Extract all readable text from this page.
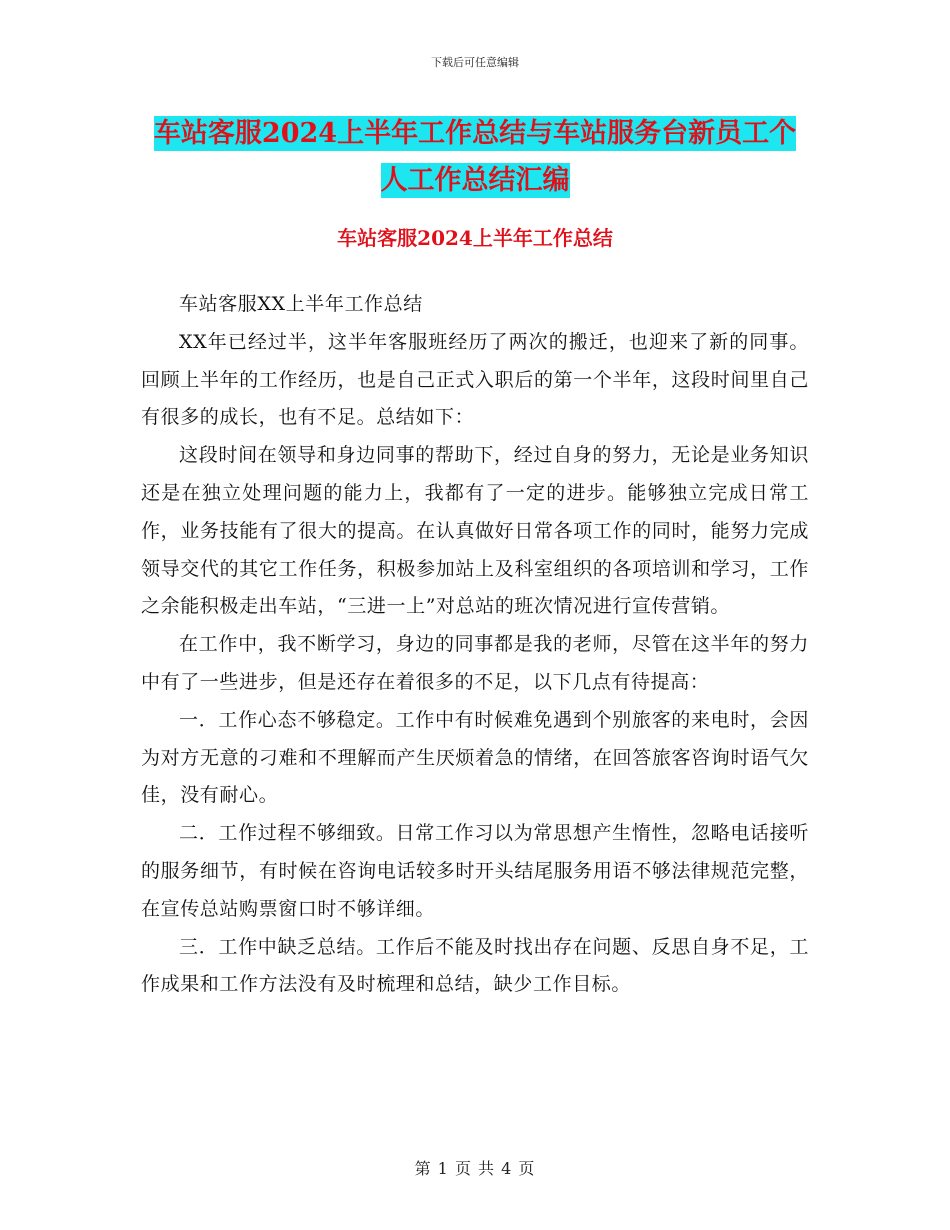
下载后可任意编辑
车站客服2024上半年工作总结与车站服务台新员工个
人工作总结汇编
车站客服2024上半年工作总结

车站客服XX上半年工作总结

XX年已经过半，这半年客服班经历了两次的搬迁，也迎来了新的同事。回顾上半年的工作经历，也是自己正式入职后的第一个半年，这段时间里自己有很多的成长，也有不足。总结如下：

这段时间在领导和身边同事的帮助下，经过自身的努力，无论是业务知识还是在独立处理问题的能力上，我都有了一定的进步。能够独立完成日常工作，业务技能有了很大的提高。在认真做好日常各项工作的同时，能努力完成领导交代的其它工作任务，积极参加站上及科室组织的各项培训和学习，工作之余能积极走出车站，“三进一上”对总站的班次情况进行宣传营销。

在工作中，我不断学习，身边的同事都是我的老师，尽管在这半年的努力中有了一些进步，但是还存在着很多的不足，以下几点有待提高：

一．工作心态不够稳定。工作中有时候难免遇到个别旅客的来电时，会因为对方无意的刁难和不理解而产生厌烦着急的情绪，在回答旅客咨询时语气欠佳，没有耐心。

二．工作过程不够细致。日常工作习以为常思想产生惰性，忽略电话接听的服务细节，有时候在咨询电话较多时开头结尾服务用语不够法律规范完整，在宣传总站购票窗口时不够详细。

三．工作中缺乏总结。工作后不能及时找出存在问题、反思自身不足，工作成果和工作方法没有及时梳理和总结，缺少工作目标。

第 1 页 共 4 页
